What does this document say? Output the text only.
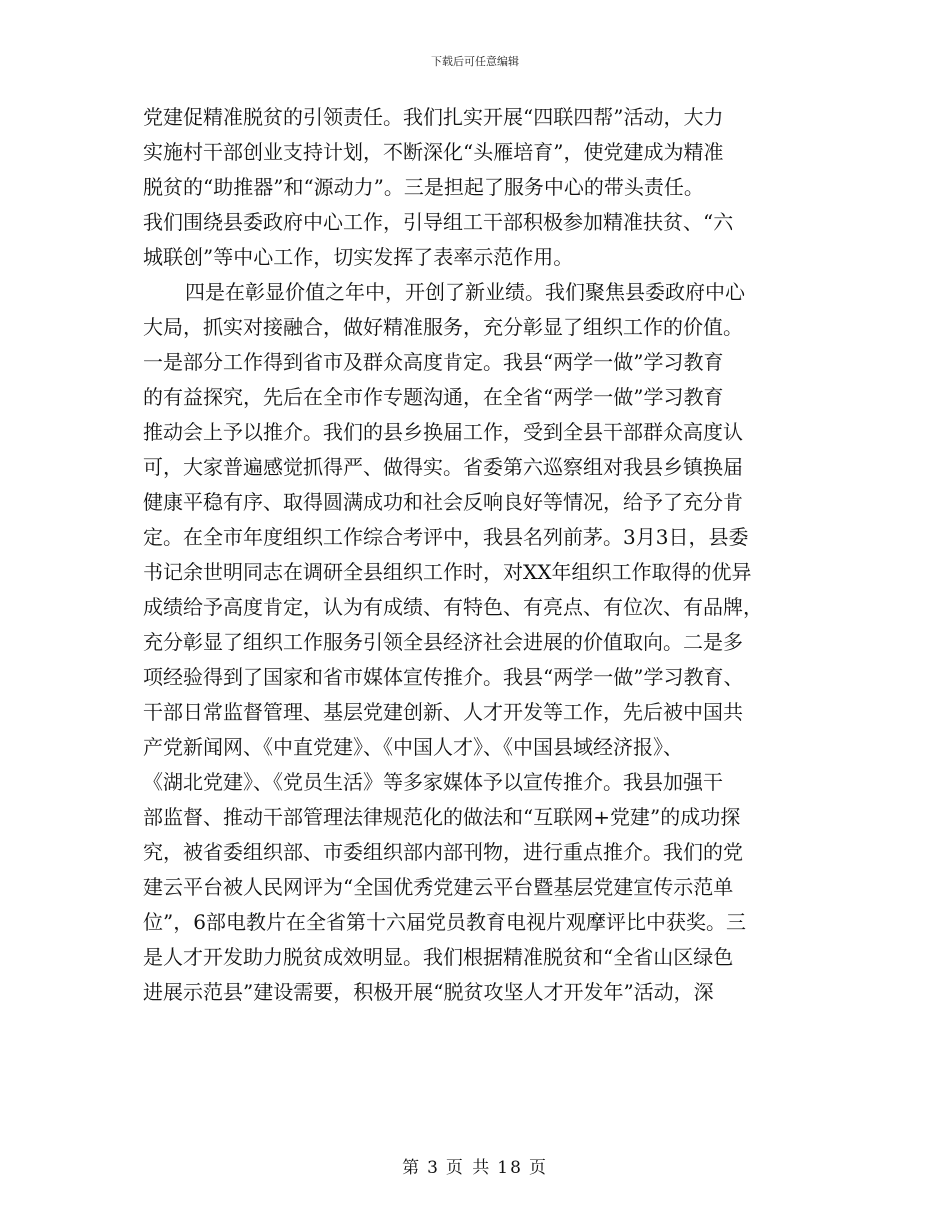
下载后可任意编辑
党建促精准脱贫的引领责任。我们扎实开展“四联四帮”活动，大力
实施村干部创业支持计划，不断深化“头雁培育”，使党建成为精准
脱贫的“助推器”和“源动力”。三是担起了服务中心的带头责任。
我们围绕县委政府中心工作，引导组工干部积极参加精准扶贫、“六
城联创”等中心工作，切实发挥了表率示范作用。
四是在彰显价值之年中，开创了新业绩。我们聚焦县委政府中心
大局，抓实对接融合，做好精准服务，充分彰显了组织工作的价值。
一是部分工作得到省市及群众高度肯定。我县“两学一做”学习教育
的有益探究，先后在全市作专题沟通，在全省“两学一做”学习教育
推动会上予以推介。我们的县乡换届工作，受到全县干部群众高度认
可，大家普遍感觉抓得严、做得实。省委第六巡察组对我县乡镇换届
健康平稳有序、取得圆满成功和社会反响良好等情况，给予了充分肯
定。在全市年度组织工作综合考评中，我县名列前茅。3月3日，县委
书记余世明同志在调研全县组织工作时，对XX年组织工作取得的优异
成绩给予高度肯定，认为有成绩、有特色、有亮点、有位次、有品牌，
充分彰显了组织工作服务引领全县经济社会进展的价值取向。二是多
项经验得到了国家和省市媒体宣传推介。我县“两学一做”学习教育、
干部日常监督管理、基层党建创新、人才开发等工作，先后被中国共
产党新闻网、《中直党建》、《中国人才》、《中国县域经济报》、
《湖北党建》、《党员生活》等多家媒体予以宣传推介。我县加强干
部监督、推动干部管理法律规范化的做法和“互联网+党建”的成功探
究，被省委组织部、市委组织部内部刊物，进行重点推介。我们的党
建云平台被人民网评为“全国优秀党建云平台暨基层党建宣传示范单
位”，6部电教片在全省第十六届党员教育电视片观摩评比中获奖。三
是人才开发助力脱贫成效明显。我们根据精准脱贫和“全省山区绿色
进展示范县”建设需要，积极开展“脱贫攻坚人才开发年”活动，深
第 3 页 共 18 页
